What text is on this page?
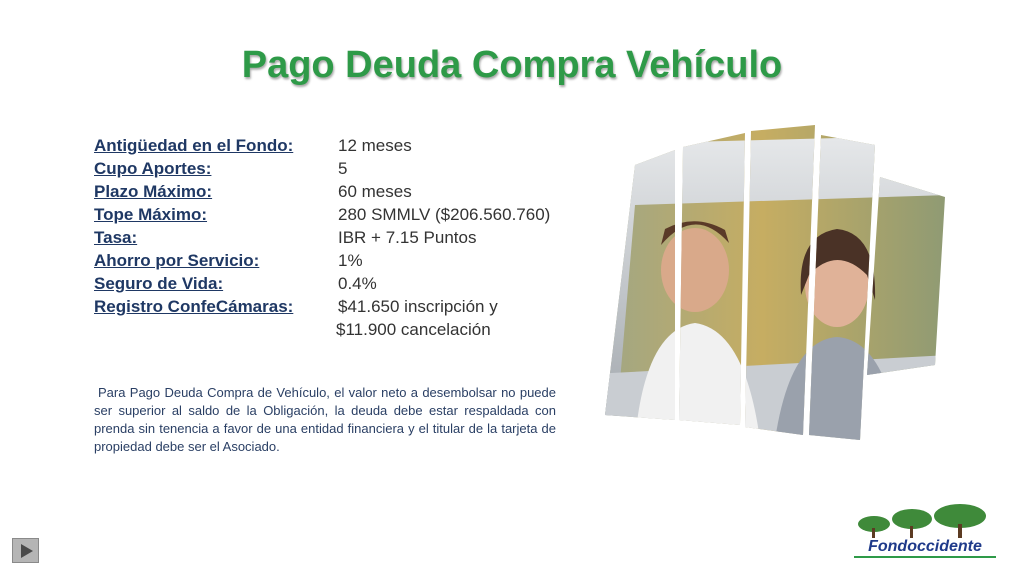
Pago Deuda Compra Vehículo
Antigüedad en el Fondo:	12 meses
Cupo Aportes:	5
Plazo Máximo:	60 meses
Tope Máximo:	280 SMMLV ($206.560.760)
Tasa:	IBR + 7.15 Puntos
Ahorro por Servicio:	1%
Seguro de Vida:	0.4%
Registro ConfeCámaras:	$41.650 inscripción y
$11.900 cancelación

Para Pago Deuda Compra de Vehículo, el valor neto a desembolsar no puede ser superior al saldo de la Obligación, la deuda debe estar respaldada con prenda sin tenencia a favor de una entidad financiera y el titular de la tarjeta de propiedad debe ser el Asociado.

Fondoccidente
